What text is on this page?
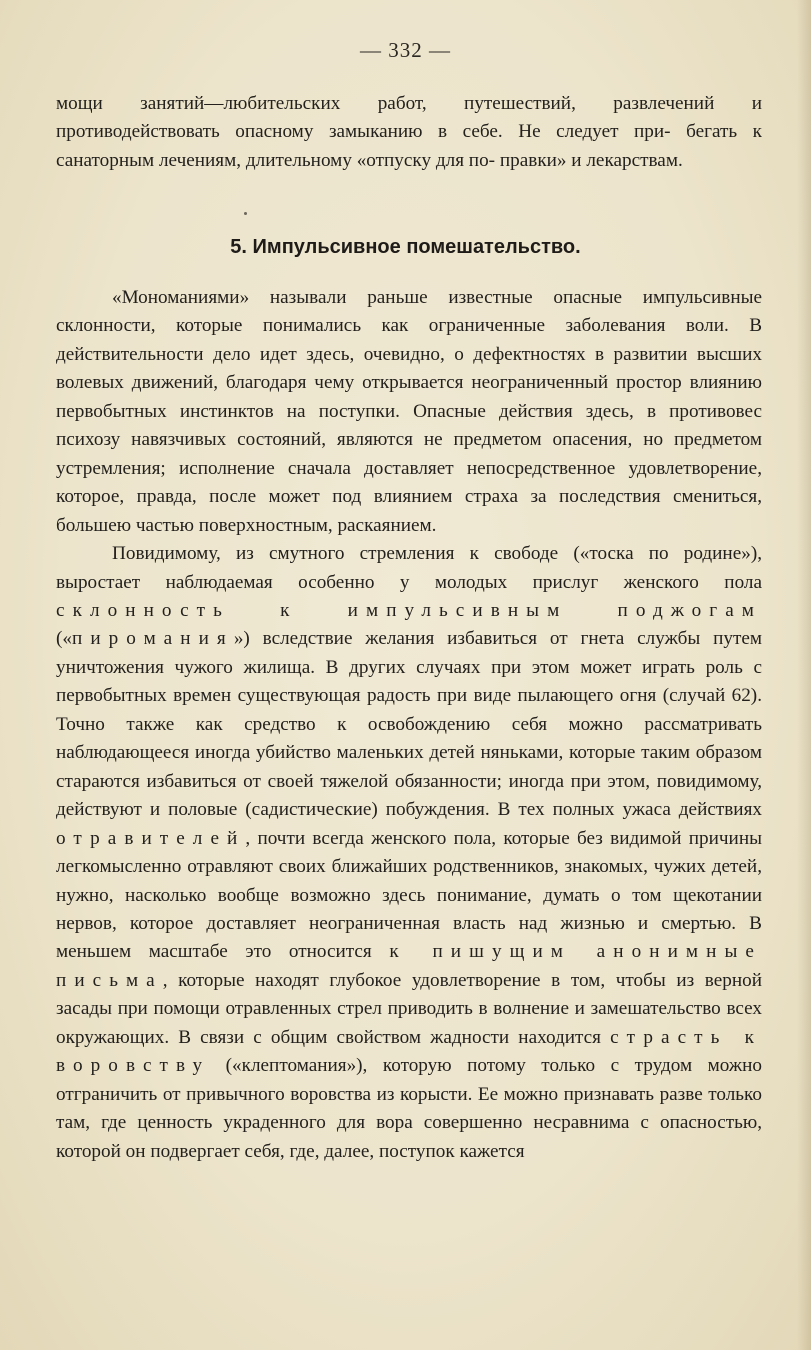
— 332 —

мощи занятий—любительских работ, путешествий, развлечений и противодействовать опасному замыканию в себе. Не следует при- бегать к санаторным лечениям, длительному «отпуску для по- правки» и лекарствам.

5. Импульсивное помешательство.

«Мономаниями» называли раньше известные опасные импульсивные склонности, которые понимались как ограниченные заболевания воли. В действительности дело идет здесь, очевидно, о дефектностях в развитии высших волевых движений, благодаря чему открывается неограниченный простор влиянию первобытных инстинктов на поступки. Опасные действия здесь, в противовес психозу навязчивых состояний, являются не предметом опасения, но предметом устремления; исполнение сначала доставляет непосредственное удовлетворение, которое, правда, после может под влиянием страха за последствия смениться, большею частью поверхностным, раскаянием.

Повидимому, из смутного стремления к свободе («тоска по родине»), выростает наблюдаемая особенно у молодых прислуг женского пола склонность к импульсивным поджогам («пиромания») вследствие желания избавиться от гнета службы путем уничтожения чужого жилища. В других случаях при этом может играть роль с первобытных времен существующая радость при виде пылающего огня (случай 62). Точно также как средство к освобождению себя можно рассматривать наблюдающееся иногда убийство маленьких детей няньками, которые таким образом стараются избавиться от своей тяжелой обязанности; иногда при этом, повидимому, действуют и половые (садистические) побуждения. В тех полных ужаса действиях отравителей, почти всегда женского пола, которые без видимой причины легкомысленно отравляют своих ближайших родственников, знакомых, чужих детей, нужно, насколько вообще возможно здесь понимание, думать о том щекотании нервов, которое доставляет неограниченная власть над жизнью и смертью. В меньшем масштабе это относится к пишущим анонимные письма, которые находят глубокое удовлетворение в том, чтобы из верной засады при помощи отравленных стрел приводить в волнение и замешательство всех окружающих. В связи с общим свойством жадности находится страсть к воровству («клептомания»), которую потому только с трудом можно отграничить от привычного воровства из корысти. Ее можно признавать разве только там, где ценность украденного для вора совершенно несравнима с опасностью, которой он подвергает себя, где, далее, поступок кажется
